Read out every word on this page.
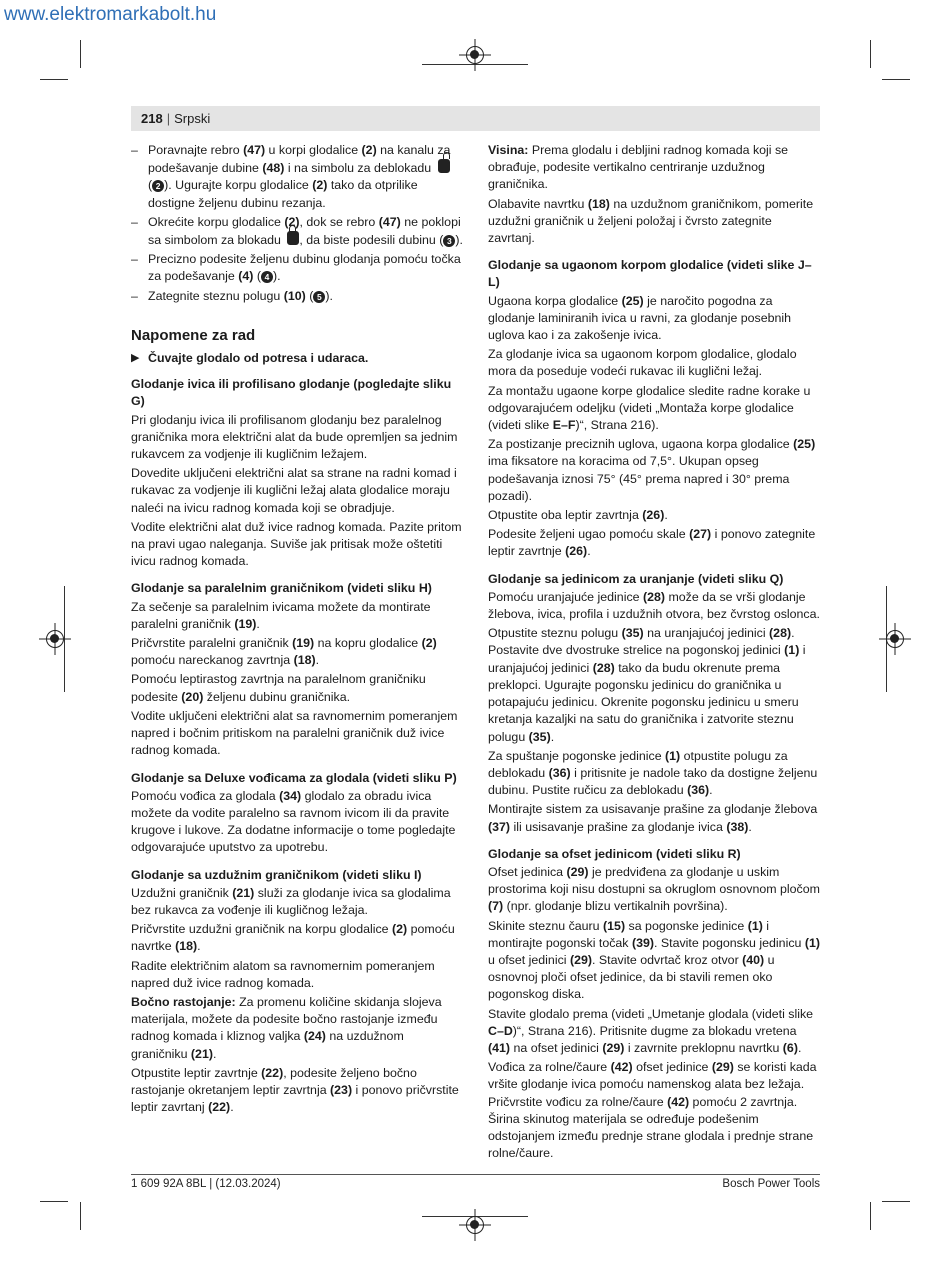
www.elektromarkabolt.hu
218 | Srpski
– Poravnajte rebro (47) u korpi glodalice (2) na kanalu za podešavanje dubine (48) i na simbolu za deblokadu
( 2 ). Ugurajte korpu glodalice (2) tako da otprilike dostigne željenu dubinu rezanja.
– Okrećite korpu glodalice (2), dok se rebro (47) ne poklopi sa simbolom za blokadu , da biste podesili dubinu ( 3 ).
– Precizno podesite željenu dubinu glodanja pomoću točka za podešavanje (4) ( 4 ).
– Zategnite steznu polugu (10) ( 5 ).
Napomene za rad
▶ Čuvajte glodalo od potresa i udaraca.
Glodanje ivica ili profilisano glodanje (pogledajte sliku G)

Pri glodanju ivica ili profilisanom glodanju bez paralelnog graničnika mora električni alat da bude opremljen sa jednim rukavcem za vodjenje ili kugličnim ležajem.

Dovedite uključeni električni alat sa strane na radni komad i rukavac za vodjenje ili kuglični ležaj alata glodalice moraju naleći na ivicu radnog komada koji se obradjuje.

Vodite električni alat duž ivice radnog komada. Pazite pritom na pravi ugao naleganja. Suviše jak pritisak može oštetiti ivicu radnog komada.

Glodanje sa paralelnim graničnikom (videti sliku H)

Za sečenje sa paralelnim ivicama možete da montirate paralelni graničnik (19).

Pričvrstite paralelni graničnik (19) na kopru glodalice (2) pomoću nareckanog zavrtnja (18).

Pomoću leptirastog zavrtnja na paralelnom graničniku podesite (20) željenu dubinu graničnika.

Vodite uključeni električni alat sa ravnomernim pomeranjem napred i bočnim pritiskom na paralelni graničnik duž ivice radnog komada.

Glodanje sa Deluxe vođicama za glodala (videti sliku P)

Pomoću vođica za glodala (34) glodalo za obradu ivica možete da vodite paralelno sa ravnom ivicom ili da pravite krugove i lukove. Za dodatne informacije o tome pogledajte odgovarajuće uputstvo za upotrebu.

Glodanje sa uzdužnim graničnikom (videti sliku I)

Uzdužni graničnik (21) služi za glodanje ivica sa glodalima bez rukavca za vođenje ili kugličnog ležaja.

Pričvrstite uzdužni graničnik na korpu glodalice (2) pomoću navrtke (18).

Radite električnim alatom sa ravnomernim pomeranjem napred duž ivice radnog komada.

Bočno rastojanje: Za promenu količine skidanja slojeva materijala, možete da podesite bočno rastojanje između radnog komada i kliznog valjka (24) na uzdužnom graničniku (21).

Otpustite leptir zavrtnje (22), podesite željeno bočno rastojanje okretanjem leptir zavrtnja (23) i ponovo pričvrstite leptir zavrtanj (22).

Visina: Prema glodalu i debljini radnog komada koji se obrađuje, podesite vertikalno centriranje uzdužnog graničnika.

Olabavite navrtku (18) na uzdužnom graničnikom, pomerite uzdužni graničnik u željeni položaj i čvrsto zategnite zavrtanj.

Glodanje sa ugaonom korpom glodalice (videti slike J–L)

Ugaona korpa glodalice (25) je naročito pogodna za glodanje laminiranih ivica u ravni, za glodanje posebnih uglova kao i za zakošenje ivica.

Za glodanje ivica sa ugaonom korpom glodalice, glodalo mora da poseduje vodeći rukavac ili kuglični ležaj.

Za montažu ugaone korpe glodalice sledite radne korake u odgovarajućem odeljku (videti „Montaža korpe glodalice (videti slike E–F)“, Strana 216).

Za postizanje preciznih uglova, ugaona korpa glodalice (25) ima fiksatore na koracima od 7,5°. Ukupan opseg podešavanja iznosi 75° (45° prema napred i 30° prema pozadi).

Otpustite oba leptir zavrtnja (26).

Podesite željeni ugao pomoću skale (27) i ponovo zategnite leptir zavrtnje (26).

Glodanje sa jedinicom za uranjanje (videti sliku Q)

Pomoću uranjajuće jedinice (28) može da se vrši glodanje žlebova, ivica, profila i uzdužnih otvora, bez čvrstog oslonca.

Otpustite steznu polugu (35) na uranjajućoj jedinici (28). Postavite dve dvostruke strelice na pogonskoj jedinici (1) i uranjajućoj jedinici (28) tako da budu okrenute prema preklopci. Ugurajte pogonsku jedinicu do graničnika u potapajuću jedinicu. Okrenite pogonsku jedinicu u smeru kretanja kazaljki na satu do graničnika i zatvorite steznu polugu (35).

Za spuštanje pogonske jedinice (1) otpustite polugu za deblokadu (36) i pritisnite je nadole tako da dostigne željenu dubinu. Pustite ručicu za deblokadu (36).

Montirajte sistem za usisavanje prašine za glodanje žlebova (37) ili usisavanje prašine za glodanje ivica (38).

Glodanje sa ofset jedinicom (videti sliku R)

Ofset jedinica (29) je predviđena za glodanje u uskim prostorima koji nisu dostupni sa okruglom osnovnom pločom (7) (npr. glodanje blizu vertikalnih površina).

Skinite steznu čauru (15) sa pogonske jedinice (1) i montirajte pogonski točak (39). Stavite pogonsku jedinicu (1) u ofset jedinici (29). Stavite odvrtač kroz otvor (40) u osnovnoj ploči ofset jedinice, da bi stavili remen oko pogonskog diska.

Stavite glodalo prema (videti „Umetanje glodala (videti slike C–D)“, Strana 216). Pritisnite dugme za blokadu vretena (41) na ofset jedinici (29) i zavrnite preklopnu navrtku (6).

Vođica za rolne/čaure (42) ofset jedinice (29) se koristi kada vršite glodanje ivica pomoću namenskog alata bez ležaja. Pričvrstite vođicu za rolne/čaure (42) pomoću 2 zavrtnja. Širina skinutog materijala se određuje podešenim odstojanjem između prednje strane glodala i prednje strane rolne/čaure.

1 609 92A 8BL | (12.03.2024)	Bosch Power Tools
